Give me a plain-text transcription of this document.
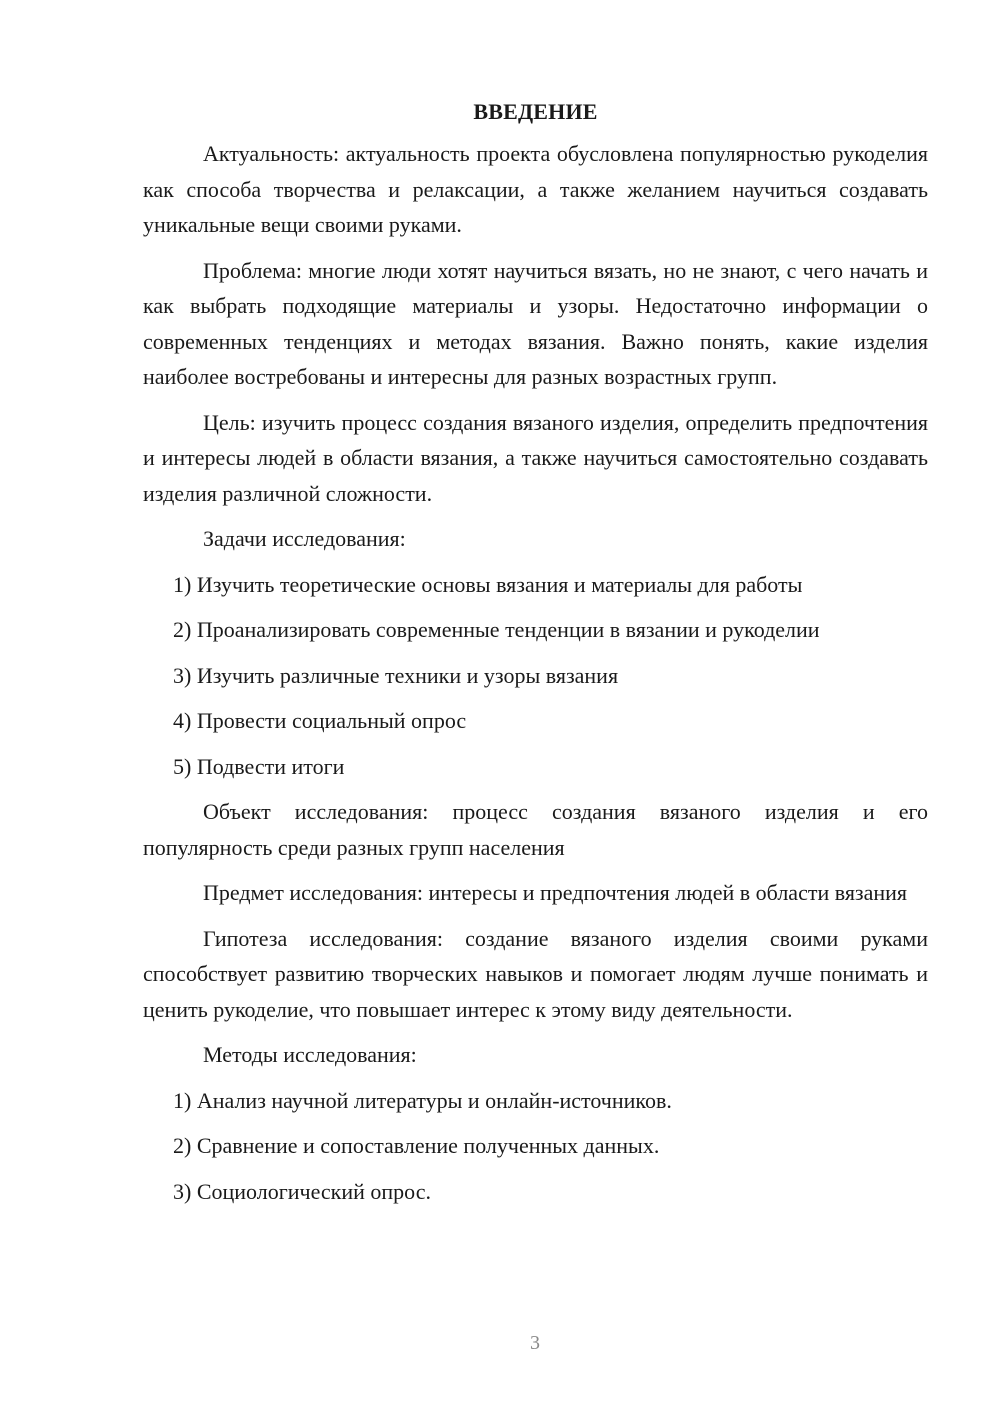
ВВЕДЕНИЕ

Актуальность: актуальность проекта обусловлена популярностью рукоделия как способа творчества и релаксации, а также желанием научиться создавать уникальные вещи своими руками.

Проблема: многие люди хотят научиться вязать, но не знают, с чего начать и как выбрать подходящие материалы и узоры. Недостаточно информации о современных тенденциях и методах вязания. Важно понять, какие изделия наиболее востребованы и интересны для разных возрастных групп.

Цель: изучить процесс создания вязаного изделия, определить предпочтения и интересы людей в области вязания, а также научиться самостоятельно создавать изделия различной сложности.

Задачи исследования:

1) Изучить теоретические основы вязания и материалы для работы
2) Проанализировать современные тенденции в вязании и рукоделии
3) Изучить различные техники и узоры вязания
4) Провести социальный опрос
5) Подвести итоги

Объект исследования: процесс создания вязаного изделия и его популярность среди разных групп населения

Предмет исследования: интересы и предпочтения людей в области вязания

Гипотеза исследования: создание вязаного изделия своими руками способствует развитию творческих навыков и помогает людям лучше понимать и ценить рукоделие, что повышает интерес к этому виду деятельности.

Методы исследования:

1) Анализ научной литературы и онлайн-источников.
2) Сравнение и сопоставление полученных данных.
3) Социологический опрос.
3
